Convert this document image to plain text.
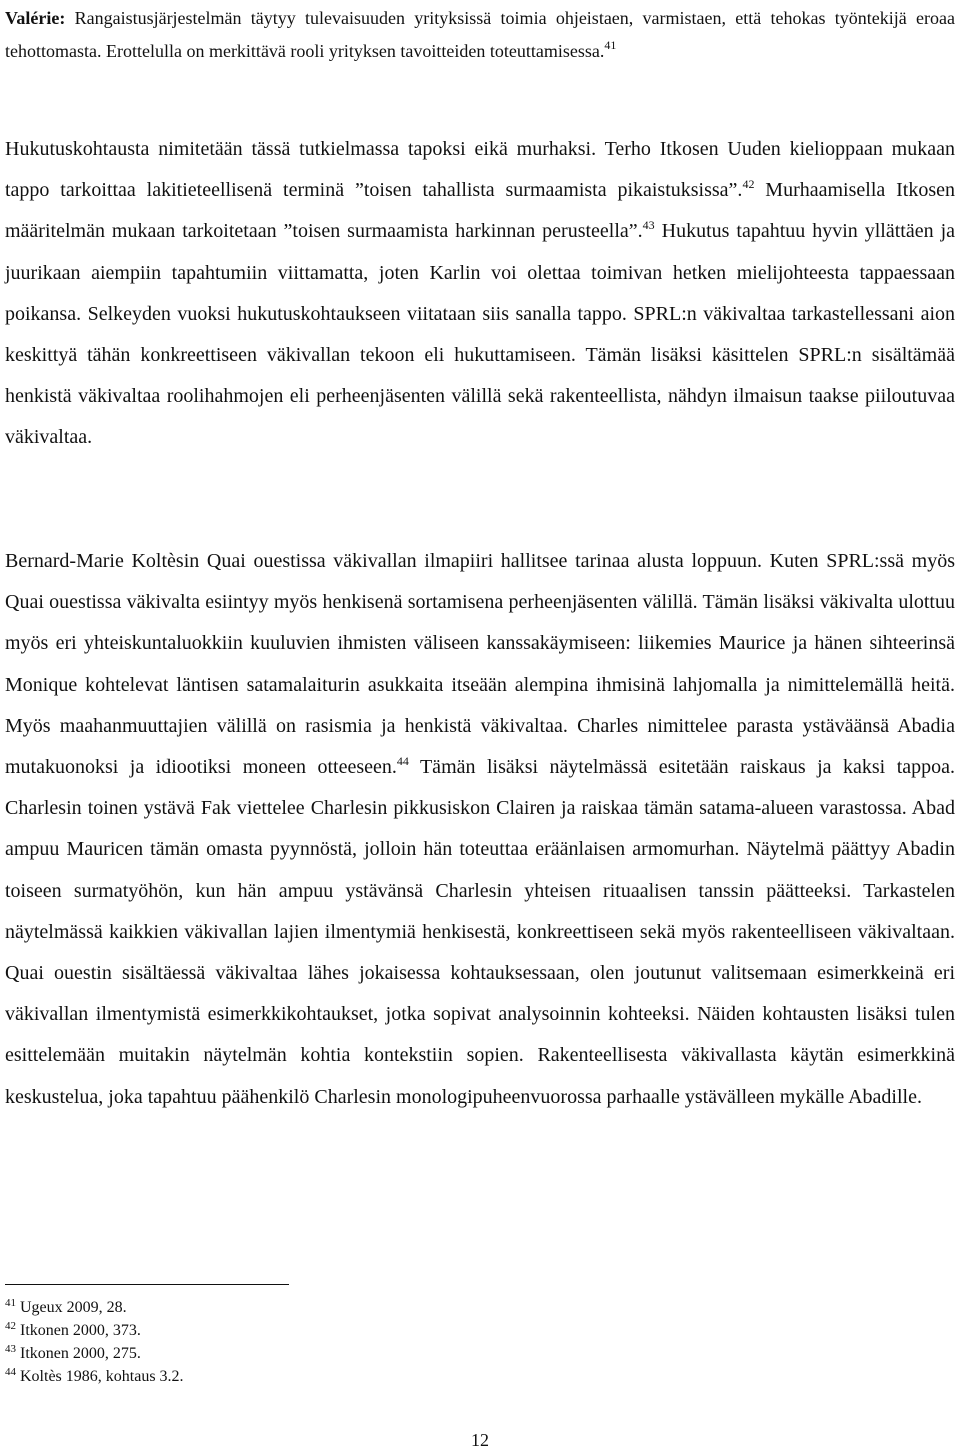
Valérie: Rangaistusjärjestelmän täytyy tulevaisuuden yrityksissä toimia ohjeistaen, varmistaen, että tehokas työntekijä eroaa tehottomasta. Erottelulla on merkittävä rooli yrityksen tavoitteiden toteuttamisessa.$^{41}$

Hukutuskohtausta nimitetään tässä tutkielmassa tapoksi eikä murhaksi. Terho Itkosen Uuden kielioppaan mukaan tappo tarkoittaa lakitieteellisenä terminä ”toisen tahallista surmaamista pikaistuksissa”.$^{42}$ Murhaamisella Itkosen määritelmän mukaan tarkoitetaan ”toisen surmaamista harkinnan perusteella”.$^{43}$ Hukutus tapahtuu hyvin yllättäen ja juurikaan aiempiin tapahtumiin viittamatta, joten Karlin voi olettaa toimivan hetken mielijohteesta tappaessaan poikansa. Selkeyden vuoksi hukutuskohtaukseen viitataan siis sanalla tappo. SPRL:n väkivaltaa tarkastellessani aion keskittyä tähän konkreettiseen väkivallan tekoon eli hukuttamiseen. Tämän lisäksi käsittelen SPRL:n sisältämää henkistä väkivaltaa roolihahmojen eli perheenjäsenten välillä sekä rakenteellista, nähdyn ilmaisun taakse piiloutuvaa väkivaltaa.

Bernard-Marie Koltèsin Quai ouestissa väkivallan ilmapiiri hallitsee tarinaa alusta loppuun. Kuten SPRL:ssä myös Quai ouestissa väkivalta esiintyy myös henkisenä sortamisena perheenjäsenten välillä. Tämän lisäksi väkivalta ulottuu myös eri yhteiskuntaluokkiin kuuluvien ihmisten väliseen kanssakäymiseen: liikemies Maurice ja hänen sihteerinsä Monique kohtelevat läntisen satamalaiturin asukkaita itseään alempina ihmisinä lahjomalla ja nimittelemällä heitä. Myös maahanmuuttajien välillä on rasismia ja henkistä väkivaltaa. Charles nimittelee parasta ystäväänsä Abadia mutakuonoksi ja idiootiksi moneen otteeseen.$^{44}$ Tämän lisäksi näytelmässä esitetään raiskaus ja kaksi tappoa. Charlesin toinen ystävä Fak viettelee Charlesin pikkusiskon Clairen ja raiskaa tämän satama-alueen varastossa. Abad ampuu Mauricen tämän omasta pyynnöstä, jolloin hän toteuttaa eräänlaisen armomurhan. Näytelmä päättyy Abadin toiseen surmatyöhön, kun hän ampuu ystävänsä Charlesin yhteisen rituaalisen tanssin päätteeksi. Tarkastelen näytelmässä kaikkien väkivallan lajien ilmentymiä henkisestä, konkreettiseen sekä myös rakenteelliseen väkivaltaan. Quai ouestin sisältäessä väkivaltaa lähes jokaisessa kohtauksessaan, olen joutunut valitsemaan esimerkkeinä eri väkivallan ilmentymistä esimerkkikohtaukset, jotka sopivat analysoinnin kohteeksi. Näiden kohtausten lisäksi tulen esittelemään muitakin näytelmän kohtia kontekstiin sopien. Rakenteellisesta väkivallasta käytän esimerkkinä keskustelua, joka tapahtuu päähenkilö Charlesin monologipuheenvuorossa parhaalle ystävälleen mykälle Abadille.

$^{41}$ Ugeux 2009, 28.
$^{42}$ Itkonen 2000, 373.
$^{43}$ Itkonen 2000, 275.
$^{44}$ Koltès 1986, kohtaus 3.2.
12
